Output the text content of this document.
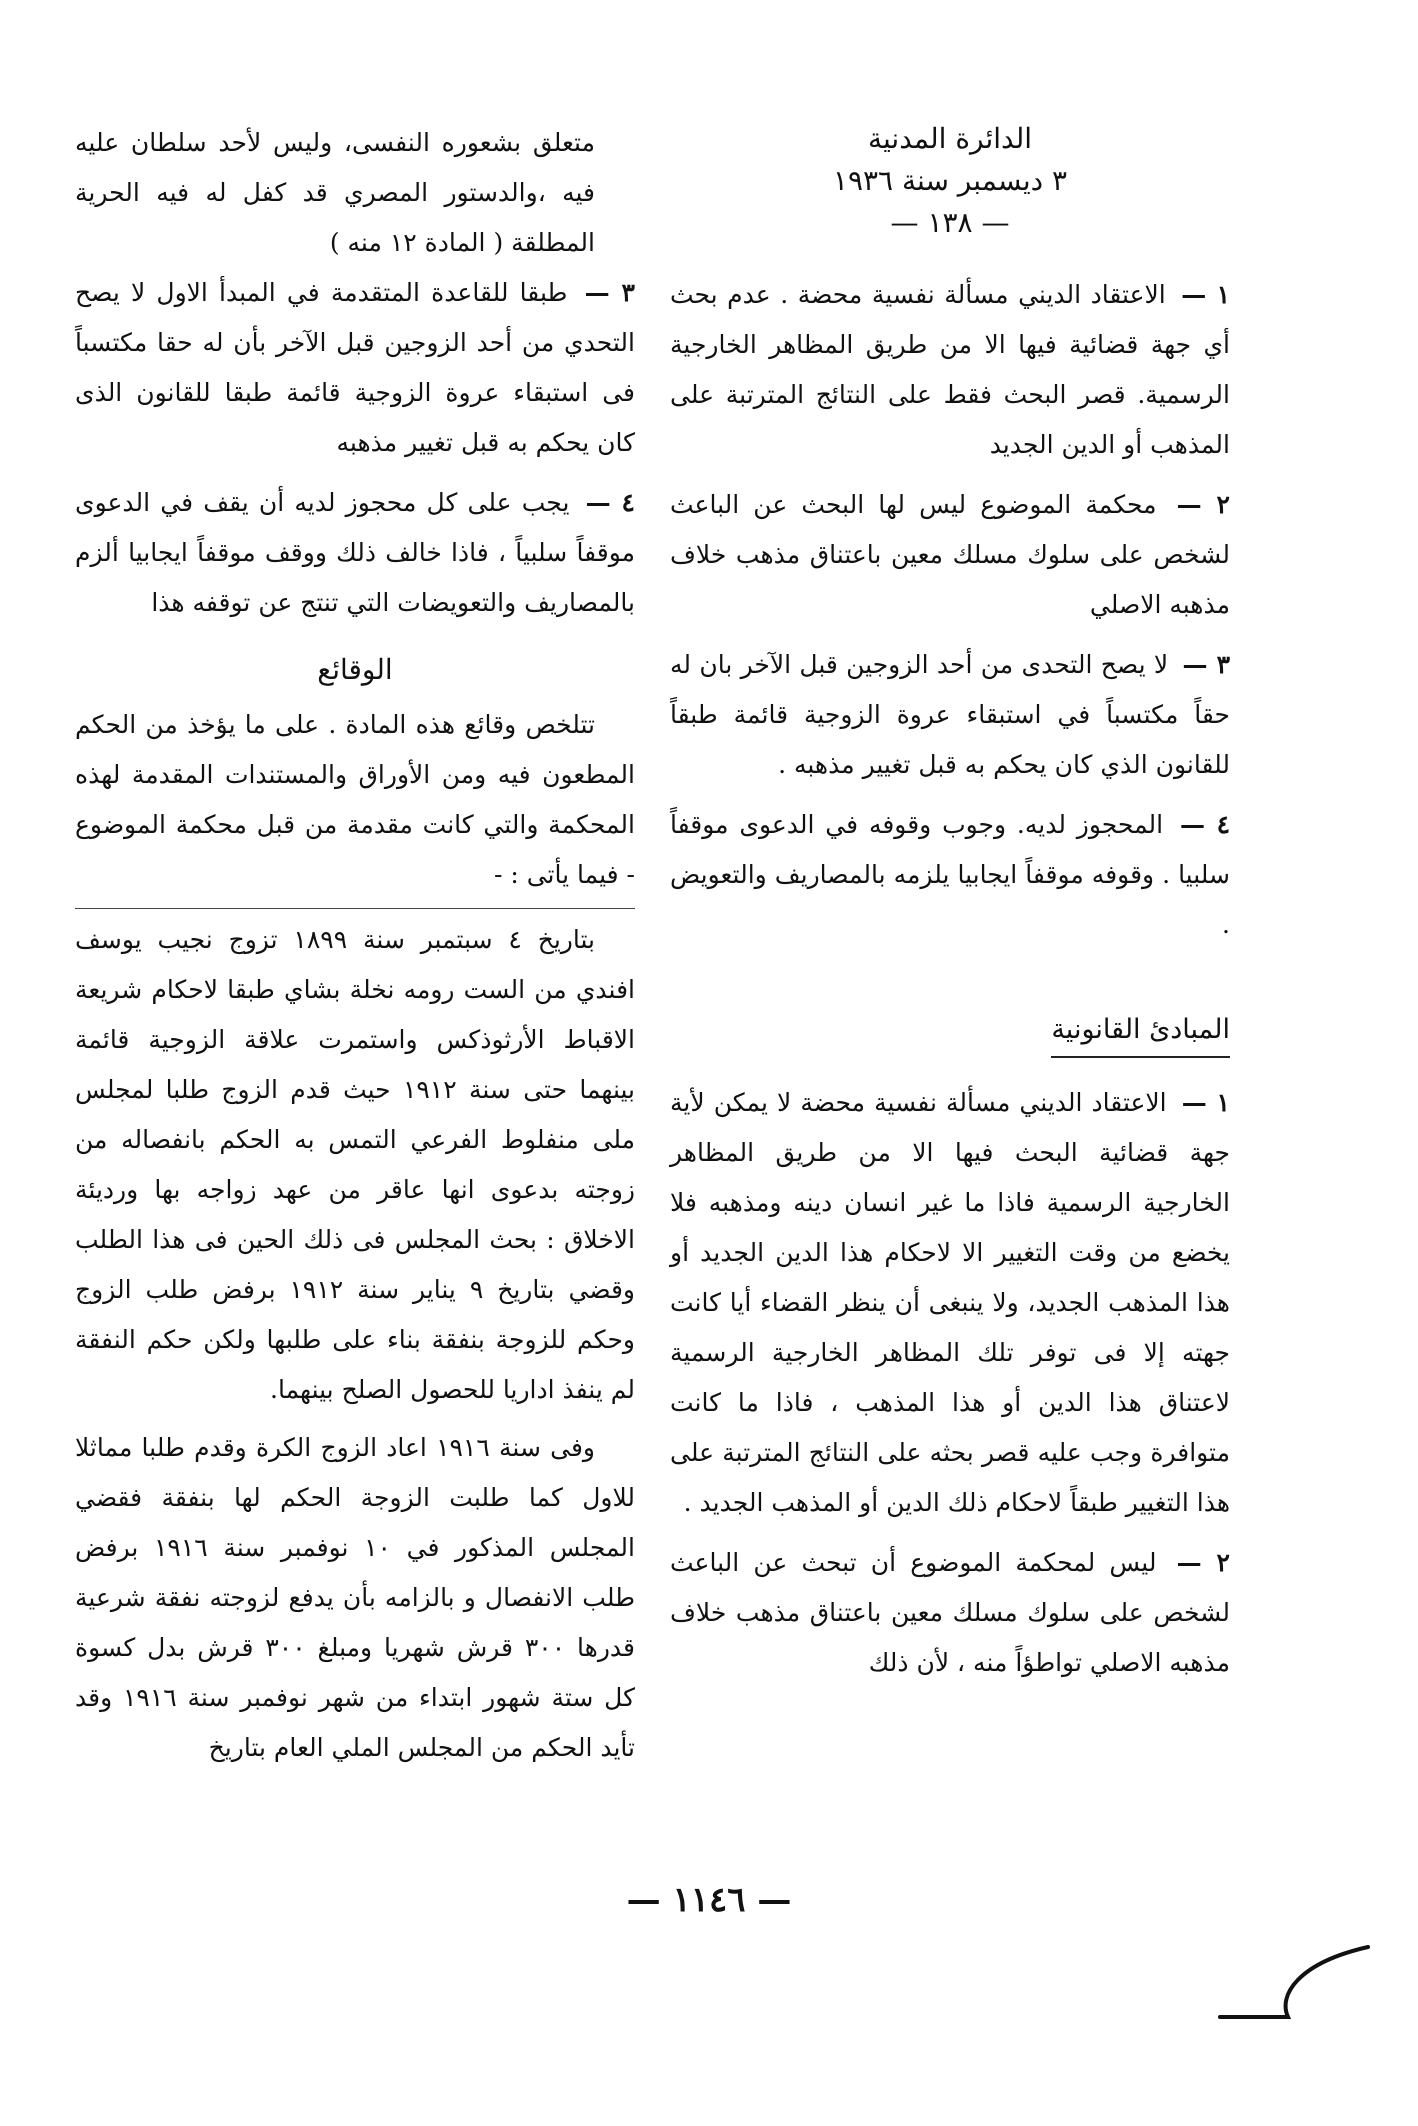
الدائرة المدنية
٣ ديسمبر سنة ١٩٣٦
— ١٣٨ —
١ — الاعتقاد الديني مسألة نفسية محضة . عدم بحث أي جهة قضائية فيها الا من طريق المظاهر الخارجية الرسمية. قصر البحث فقط على النتائج المترتبة على المذهب أو الدين الجديد
٢ — محكمة الموضوع ليس لها البحث عن الباعث لشخص على سلوك مسلك معين باعتناق مذهب خلاف مذهبه الاصلي
٣ — لا يصح التحدى من أحد الزوجين قبل الآخر بان له حقاً مكتسباً في استبقاء عروة الزوجية قائمة طبقاً للقانون الذي كان يحكم به قبل تغيير مذهبه .
٤ — المحجوز لديه. وجوب وقوفه في الدعوى موقفاً سلبيا . وقوفه موقفاً ايجابيا يلزمه بالمصاريف والتعويض .
المبادئ القانونية
١ — الاعتقاد الديني مسألة نفسية محضة لا يمكن لأية جهة قضائية البحث فيها الا من طريق المظاهر الخارجية الرسمية فاذا ما غير انسان دينه ومذهبه فلا يخضع من وقت التغيير الا لاحكام هذا الدين الجديد أو هذا المذهب الجديد، ولا ينبغى أن ينظر القضاء أيا كانت جهته إلا فى توفر تلك المظاهر الخارجية الرسمية لاعتناق هذا الدين أو هذا المذهب ، فاذا ما كانت متوافرة وجب عليه قصر بحثه على النتائج المترتبة على هذا التغيير طبقاً لاحكام ذلك الدين أو المذهب الجديد .
٢ — ليس لمحكمة الموضوع أن تبحث عن الباعث لشخص على سلوك مسلك معين باعتناق مذهب خلاف مذهبه الاصلي تواطؤاً منه ، لأن ذلك
متعلق بشعوره النفسى، وليس لأحد سلطان عليه فيه ،والدستور المصري قد كفل له فيه الحرية المطلقة ( المادة ١٢ منه )
٣ — طبقا للقاعدة المتقدمة في المبدأ الاول لا يصح التحدي من أحد الزوجين قبل الآخر بأن له حقا مكتسباً فى استبقاء عروة الزوجية قائمة طبقا للقانون الذى كان يحكم به قبل تغيير مذهبه
٤ — يجب على كل محجوز لديه أن يقف في الدعوى موقفاً سلبياً ، فاذا خالف ذلك ووقف موقفاً ايجابيا ألزم بالمصاريف والتعويضات التي تنتج عن توقفه هذا
الوقائع

تتلخص وقائع هذه المادة . على ما يؤخذ من الحكم المطعون فيه ومن الأوراق والمستندات المقدمة لهذه المحكمة والتي كانت مقدمة من قبل محكمة الموضوع - فيما يأتى : -

بتاريخ ٤ سبتمبر سنة ١٨٩٩ تزوج نجيب يوسف افندي من الست رومه نخلة بشاي طبقا لاحكام شريعة الاقباط الأرثوذكس واستمرت علاقة الزوجية قائمة بينهما حتى سنة ١٩١٢ حيث قدم الزوج طلبا لمجلس ملى منفلوط الفرعي التمس به الحكم بانفصاله من زوجته بدعوى انها عاقر من عهد زواجه بها ورديئة الاخلاق : بحث المجلس فى ذلك الحين فى هذا الطلب وقضي بتاريخ ٩ يناير سنة ١٩١٢ برفض طلب الزوج وحكم للزوجة بنفقة بناء على طلبها ولكن حكم النفقة لم ينفذ اداريا للحصول الصلح بينهما.

وفى سنة ١٩١٦ اعاد الزوج الكرة وقدم طلبا مماثلا للاول كما طلبت الزوجة الحكم لها بنفقة فقضي المجلس المذكور في ١٠ نوفمبر سنة ١٩١٦ برفض طلب الانفصال و بالزامه بأن يدفع لزوجته نفقة شرعية قدرها ٣٠٠ قرش شهريا ومبلغ ٣٠٠ قرش بدل كسوة كل ستة شهور ابتداء من شهر نوفمبر سنة ١٩١٦ وقد تأيد الحكم من المجلس الملي العام بتاريخ

— ١١٤٦ —
